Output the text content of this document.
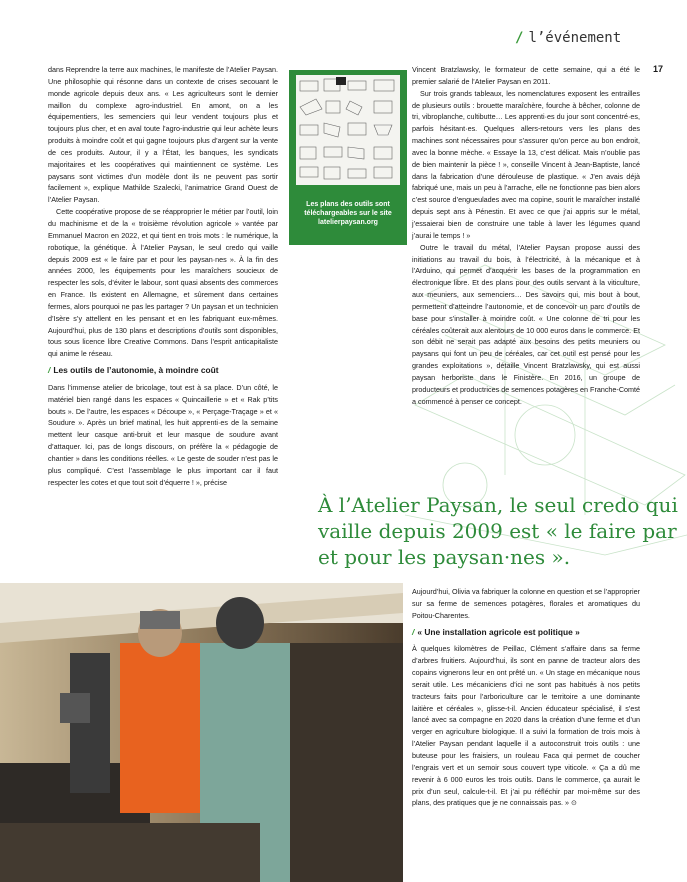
/ l’événement
17

dans Reprendre la terre aux machines, le manifeste de l’Atelier Paysan. Une philosophie qui résonne dans un contexte de crises secouant le monde agricole depuis deux ans. « Les agriculteurs sont le dernier maillon du complexe agro-industriel. En amont, on a les équipementiers, les semenciers qui leur vendent toujours plus et toujours plus cher, et en aval toute l’agro-industrie qui leur achète leurs produits à moindre coût et qui gagne toujours plus d’argent sur la vente de ces produits. Autour, il y a l’État, les banques, les syndicats majoritaires et les coopératives qui maintiennent ce système. Les paysans sont victimes d’un modèle dont ils ne peuvent pas sortir facilement », explique Mathilde Szalecki, l’animatrice Grand Ouest de l’Atelier Paysan.

Cette coopérative propose de se réapproprier le métier par l’outil, loin du machinisme et de la « troisième révolution agricole » vantée par Emmanuel Macron en 2022, et qui tient en trois mots : le numérique, la robotique, la génétique. À l’Atelier Paysan, le seul credo qui vaille depuis 2009 est « le faire par et pour les paysan·nes ». À la fin des années 2000, les équipements pour les maraîchers soucieux de respecter les sols, d’éviter le labour, sont quasi absents des commerces en France. Ils existent en Allemagne, et sûrement dans certaines fermes, alors pourquoi ne pas les partager ? Un paysan et un technicien d’Isère s’y attellent en les pensant et en les fabriquant eux-mêmes. Aujourd’hui, plus de 130 plans et descriptions d’outils sont disponibles, tous sous licence libre Creative Commons. Dans l’esprit anticapitaliste qui anime le réseau.

/ Les outils de l’autonomie, à moindre coût

Dans l’immense atelier de bricolage, tout est à sa place. D’un côté, le matériel bien rangé dans les espaces « Quincaillerie » et « Rak p’tits bouts ». De l’autre, les espaces « Découpe », « Perçage-Traçage » et « Soudure ». Après un brief matinal, les huit apprenti·es de la semaine mettent leur casque anti-bruit et leur masque de soudure avant d’attaquer. Ici, pas de longs discours, on préfère la « pédagogie de chantier » dans les conditions réelles. « Le geste de souder n’est pas le plus compliqué. C’est l’assemblage le plus important car il faut respecter les cotes et que tout soit d’équerre ! », précise

Les plans des outils sont téléchargeables sur le site latelierpaysan.org

Vincent Bratzlawsky, le formateur de cette semaine, qui a été le premier salarié de l’Atelier Paysan en 2011.

Sur trois grands tableaux, les nomenclatures exposent les entrailles de plusieurs outils : brouette maraîchère, fourche à bêcher, colonne de tri, vibroplanche, cultibutte… Les apprenti·es du jour sont concentré·es, parfois hésitant·es. Quelques allers-retours vers les plans des machines sont nécessaires pour s’assurer qu’on perce au bon endroit, avec la bonne mèche. « Essaye la 13, c’est délicat. Mais n’oublie pas de bien maintenir la pièce ! », conseille Vincent à Jean-Baptiste, lancé dans la fabrication d’une dérouleuse de plastique. « J’en avais déjà fabriqué une, mais un peu à l’arrache, elle ne fonctionne pas bien alors c’est source d’engueulades avec ma copine, sourit le maraîcher installé depuis sept ans à Pénestin. Et avec ce que j’ai appris sur le métal, j’essaierai bien de construire une table à laver les légumes quand j’aurai le temps ! »

Outre le travail du métal, l’Atelier Paysan propose aussi des initiations au travail du bois, à l’électricité, à la mécanique et à l’Arduino, qui permet d’acquérir les bases de la programmation en électronique libre. Et des plans pour des outils servant à la viticulture, aux meuniers, aux semenciers… Des savoirs qui, mis bout à bout, permettent d’atteindre l’autonomie, et de concevoir un parc d’outils de base pour s’installer à moindre coût. « Une colonne de tri pour les céréales coûterait aux alentours de 10 000 euros dans le commerce. Et son débit ne serait pas adapté aux besoins des petits meuniers ou paysans qui font un peu de céréales, car cet outil est pensé pour les grandes exploitations », détaille Vincent Bratzlawsky, qui est aussi paysan herboriste dans le Finistère. En 2016, un groupe de producteurs et productrices de semences potagères en Franche-Comté a commencé à penser ce concept.

À l’Atelier Paysan, le seul credo qui vaille depuis 2009 est « le faire par et pour les paysan·nes ».

Aujourd’hui, Olivia va fabriquer la colonne en question et se l’approprier sur sa ferme de semences potagères, florales et aromatiques du Poitou-Charentes.

/ « Une installation agricole est politique »

À quelques kilomètres de Peillac, Clément s’affaire dans sa ferme d’arbres fruitiers. Aujourd’hui, ils sont en panne de tracteur alors des copains vignerons leur en ont prêté un. « Un stage en mécanique nous serait utile. Les mécaniciens d’ici ne sont pas habitués à nos petits tracteurs faits pour l’arboriculture car le territoire a une dominante laitière et céréales », glisse-t-il. Ancien éducateur spécialisé, il s’est lancé avec sa compagne en 2020 dans la création d’une ferme et d’un verger en agriculture biologique. Il a suivi la formation de trois mois à l’Atelier Paysan pendant laquelle il a autoconstruit trois outils : une buteuse pour les fraisiers, un rouleau Faca qui permet de coucher l’engrais vert et un semoir sous couvert type viticole. « Ça a dû me revenir à 6 000 euros les trois outils. Dans le commerce, ça aurait le prix d’un seul, calcule-t-il. Et j’ai pu réfléchir par moi-même sur des plans, des pratiques que je ne connaissais pas. » ⊙
